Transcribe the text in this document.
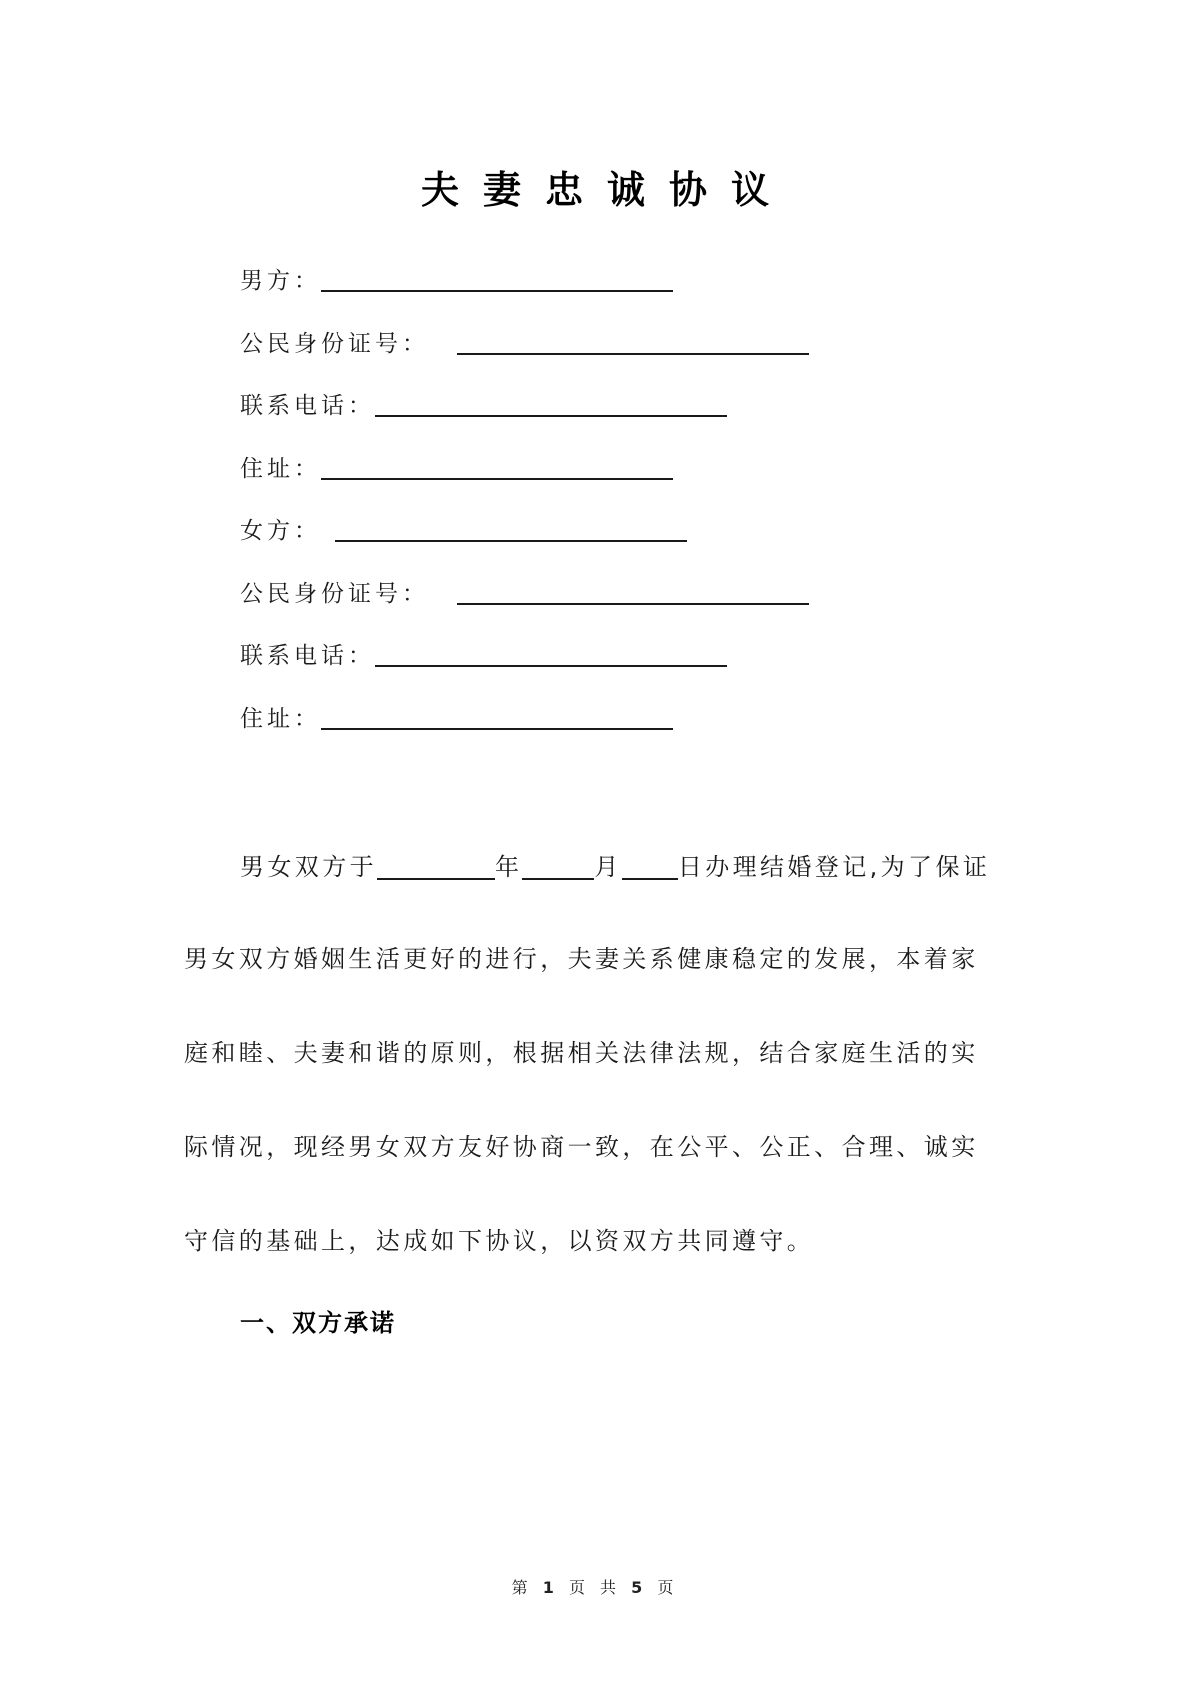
夫妻忠诚协议
男方：
公民身份证号：
联系电话：
住址：
女方：
公民身份证号：
联系电话：
住址：
男女双方于	年	月 日办理结婚登记,为了保证
男女双方婚姻生活更好的进行，夫妻关系健康稳定的发展，本着家
庭和睦、夫妻和谐的原则，根据相关法律法规，结合家庭生活的实
际情况，现经男女双方友好协商一致，在公平、公正、合理、诚实
守信的基础上，达成如下协议，以资双方共同遵守。
一、双方承诺
第 1 页 共 5 页
